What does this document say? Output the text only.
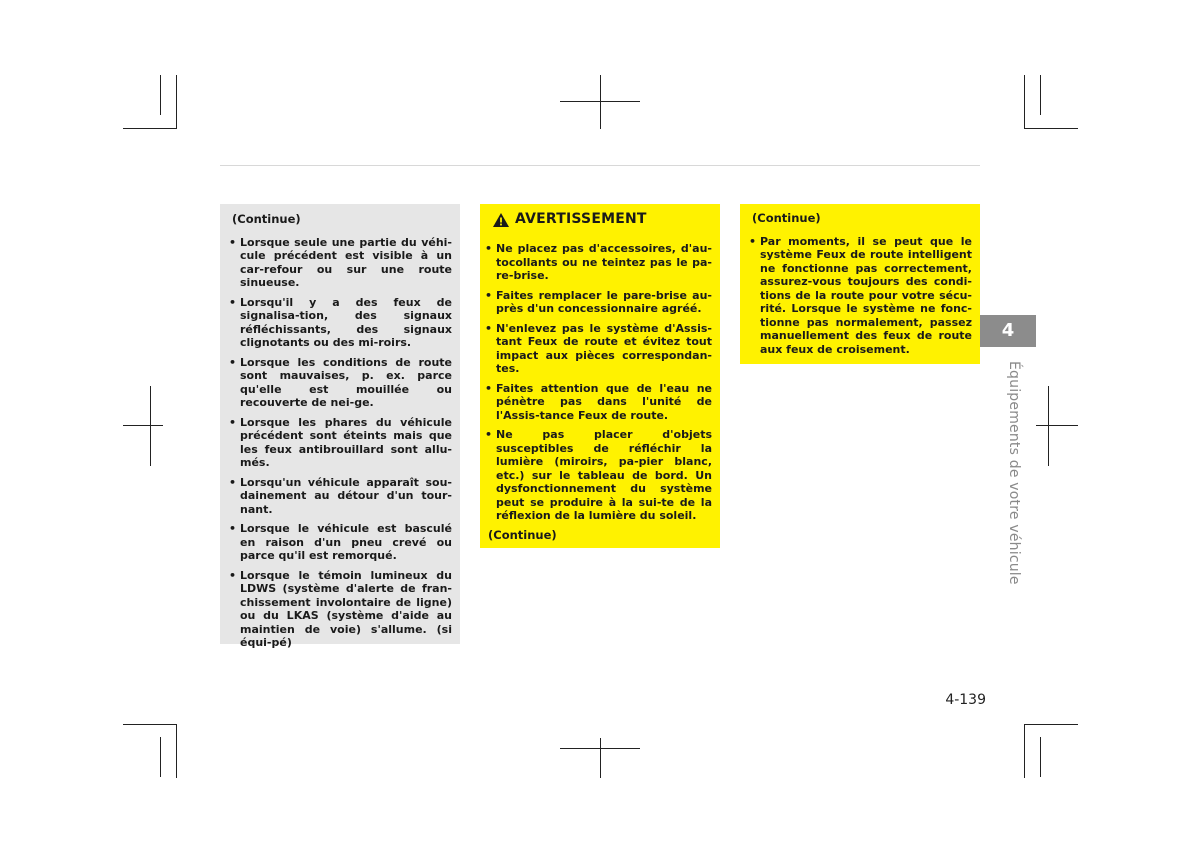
(Continue)
• Lorsque seule une partie du véhi-cule précédent est visible à un car-refour ou sur une route sinueuse.
• Lorsqu'il y a des feux de signalisa-tion, des signaux réfléchissants, des signaux clignotants ou des mi-roirs.
• Lorsque les conditions de route sont mauvaises, p. ex. parce qu'elle est mouillée ou recouverte de nei-ge.
• Lorsque les phares du véhicule précédent sont éteints mais que les feux antibrouillard sont allu-més.
• Lorsqu'un véhicule apparaît sou-dainement au détour d'un tour-nant.
• Lorsque le véhicule est basculé en raison d'un pneu crevé ou parce qu'il est remorqué.
• Lorsque le témoin lumineux du LDWS (système d'alerte de fran-chissement involontaire de ligne) ou du LKAS (système d'aide au maintien de voie) s'allume. (si équi-pé)
AVERTISSEMENT
• Ne placez pas d'accessoires, d'au-tocollants ou ne teintez pas le pa-re-brise.
• Faites remplacer le pare-brise au-près d'un concessionnaire agréé.
• N'enlevez pas le système d'Assis-tant Feux de route et évitez tout impact aux pièces correspondan-tes.
• Faites attention que de l'eau ne pénètre pas dans l'unité de l'Assis-tance Feux de route.
• Ne pas placer d'objets susceptibles de réfléchir la lumière (miroirs, pa-pier blanc, etc.) sur le tableau de bord. Un dysfonctionnement du système peut se produire à la sui-te de la réflexion de la lumière du soleil.
(Continue)
(Continue)
• Par moments, il se peut que le système Feux de route intelligent ne fonctionne pas correctement, assurez-vous toujours des condi-tions de la route pour votre sécu-rité. Lorsque le système ne fonc-tionne pas normalement, passez manuellement des feux de route aux feux de croisement.
4
Équipements de votre véhicule
4-139
